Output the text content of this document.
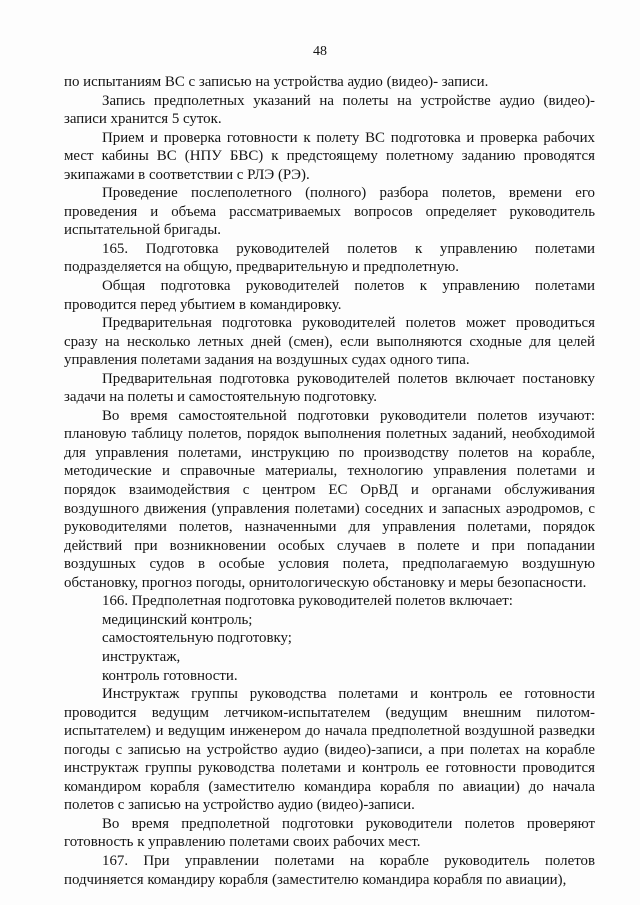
48

по испытаниям ВС с записью на устройства аудио (видео)- записи.

Запись предполетных указаний на полеты на устройстве аудио (видео)- записи хранится 5 суток.

Прием и проверка готовности к полету ВС подготовка и проверка рабочих мест кабины ВС (НПУ БВС) к предстоящему полетному заданию проводятся экипажами в соответствии с РЛЭ (РЭ).

Проведение послеполетного (полного) разбора полетов, времени его проведения и объема рассматриваемых вопросов определяет руководитель испытательной бригады.

165. Подготовка руководителей полетов к управлению полетами подразделяется на общую, предварительную и предполетную.

Общая подготовка руководителей полетов к управлению полетами проводится перед убытием в командировку.

Предварительная подготовка руководителей полетов может проводиться сразу на несколько летных дней (смен), если выполняются сходные для целей управления полетами задания на воздушных судах одного типа.

Предварительная подготовка руководителей полетов включает постановку задачи на полеты и самостоятельную подготовку.

Во время самостоятельной подготовки руководители полетов изучают: плановую таблицу полетов, порядок выполнения полетных заданий, необходимой для управления полетами, инструкцию по производству полетов на корабле, методические и справочные материалы, технологию управления полетами и порядок взаимодействия с центром ЕС ОрВД и органами обслуживания воздушного движения (управления полетами) соседних и запасных аэродромов, с руководителями полетов, назначенными для управления полетами, порядок действий при возникновении особых случаев в полете и при попадании воздушных судов в особые условия полета, предполагаемую воздушную обстановку, прогноз погоды, орнитологическую обстановку и меры безопасности.

166. Предполетная подготовка руководителей полетов включает:

медицинский контроль;

самостоятельную подготовку;

инструктаж,

контроль готовности.

Инструктаж группы руководства полетами и контроль ее готовности проводится ведущим летчиком-испытателем (ведущим внешним пилотом-испытателем) и ведущим инженером до начала предполетной воздушной разведки погоды с записью на устройство аудио (видео)-записи, а при полетах на корабле инструктаж группы руководства полетами и контроль ее готовности проводится командиром корабля (заместителю командира корабля по авиации) до начала полетов с записью на устройство аудио (видео)-записи.

Во время предполетной подготовки руководители полетов проверяют готовность к управлению полетами своих рабочих мест.

167. При управлении полетами на корабле руководитель полетов подчиняется командиру корабля (заместителю командира корабля по авиации),
